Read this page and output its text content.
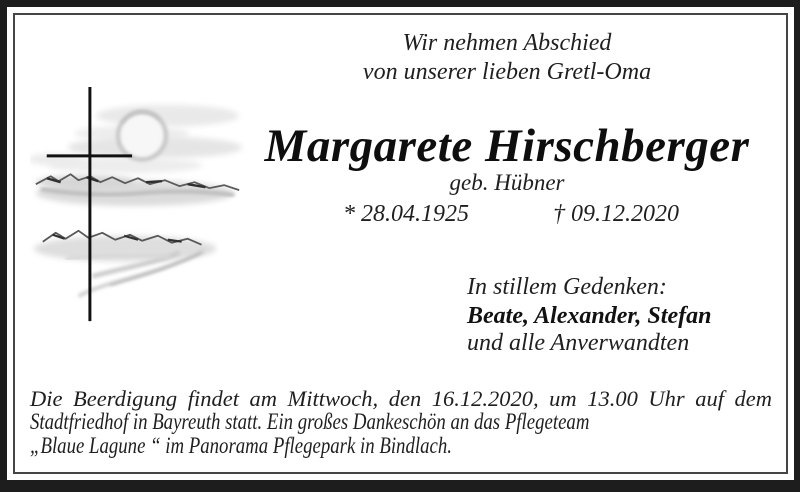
Wir nehmen Abschied
von unserer lieben Gretl-Oma
Margarete Hirschberger
geb. Hübner
* 28.04.1925	† 09.12.2020
In stillem Gedenken:
Beate, Alexander, Stefan
und alle Anverwandten
Die Beerdigung findet am Mittwoch, den 16.12.2020, um 13.00 Uhr auf dem
Stadtfriedhof in Bayreuth statt. Ein großes Dankeschön an das Pflegeteam
„Blaue Lagune “ im Panorama Pflegepark in Bindlach.
